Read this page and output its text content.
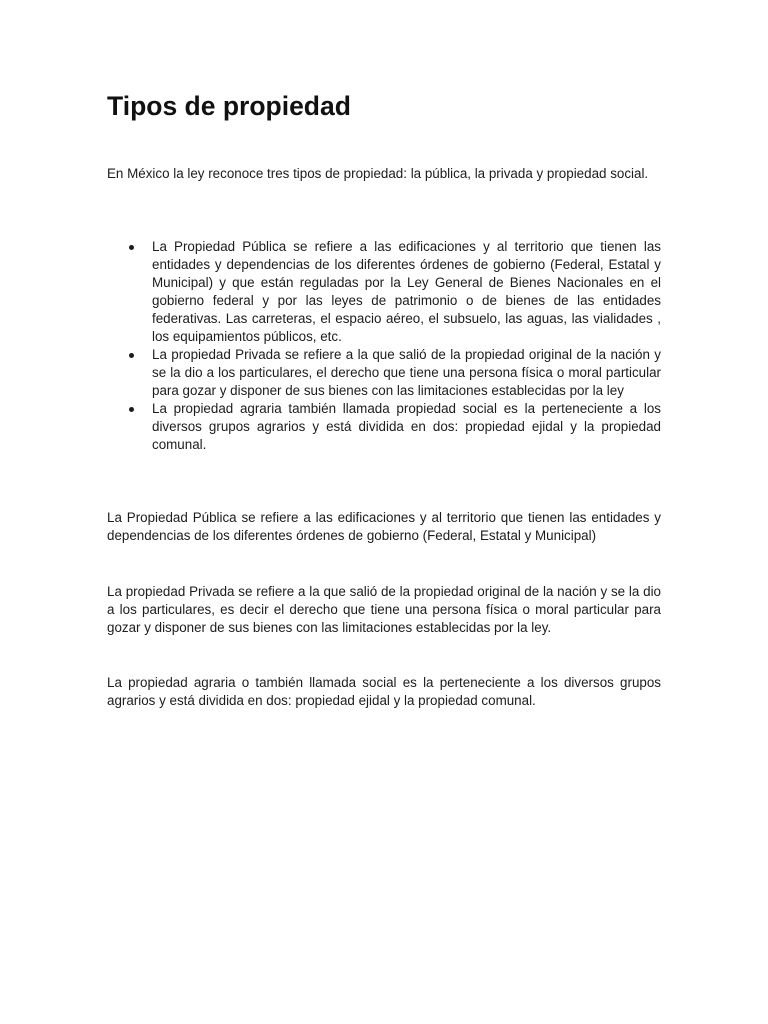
Tipos de propiedad

En México la ley reconoce tres tipos de propiedad: la pública, la privada y propiedad social.

La Propiedad Pública se refiere a las edificaciones y al territorio que tienen las entidades y dependencias de los diferentes órdenes de gobierno (Federal, Estatal y Municipal) y que están reguladas por la Ley General de Bienes Nacionales en el gobierno federal y por las leyes de patrimonio o de bienes de las entidades federativas. Las carreteras, el espacio aéreo, el subsuelo, las aguas, las vialidades , los equipamientos públicos, etc.
La propiedad Privada se refiere a la que salió de la propiedad original de la nación y se la dio a los particulares, el derecho que tiene una persona física o moral particular para gozar y disponer de sus bienes con las limitaciones establecidas por la ley
La propiedad agraria también llamada propiedad social es la perteneciente a los diversos grupos agrarios y está dividida en dos: propiedad ejidal y la propiedad comunal.

La Propiedad Pública se refiere a las edificaciones y al territorio que tienen las entidades y dependencias de los diferentes órdenes de gobierno (Federal, Estatal y Municipal)

La propiedad Privada se refiere a la que salió de la propiedad original de la nación y se la dio a los particulares, es decir el derecho que tiene una persona física o moral particular para gozar y disponer de sus bienes con las limitaciones establecidas por la ley.

La propiedad agraria o también llamada social es la perteneciente a los diversos grupos agrarios y está dividida en dos: propiedad ejidal y la propiedad comunal.
